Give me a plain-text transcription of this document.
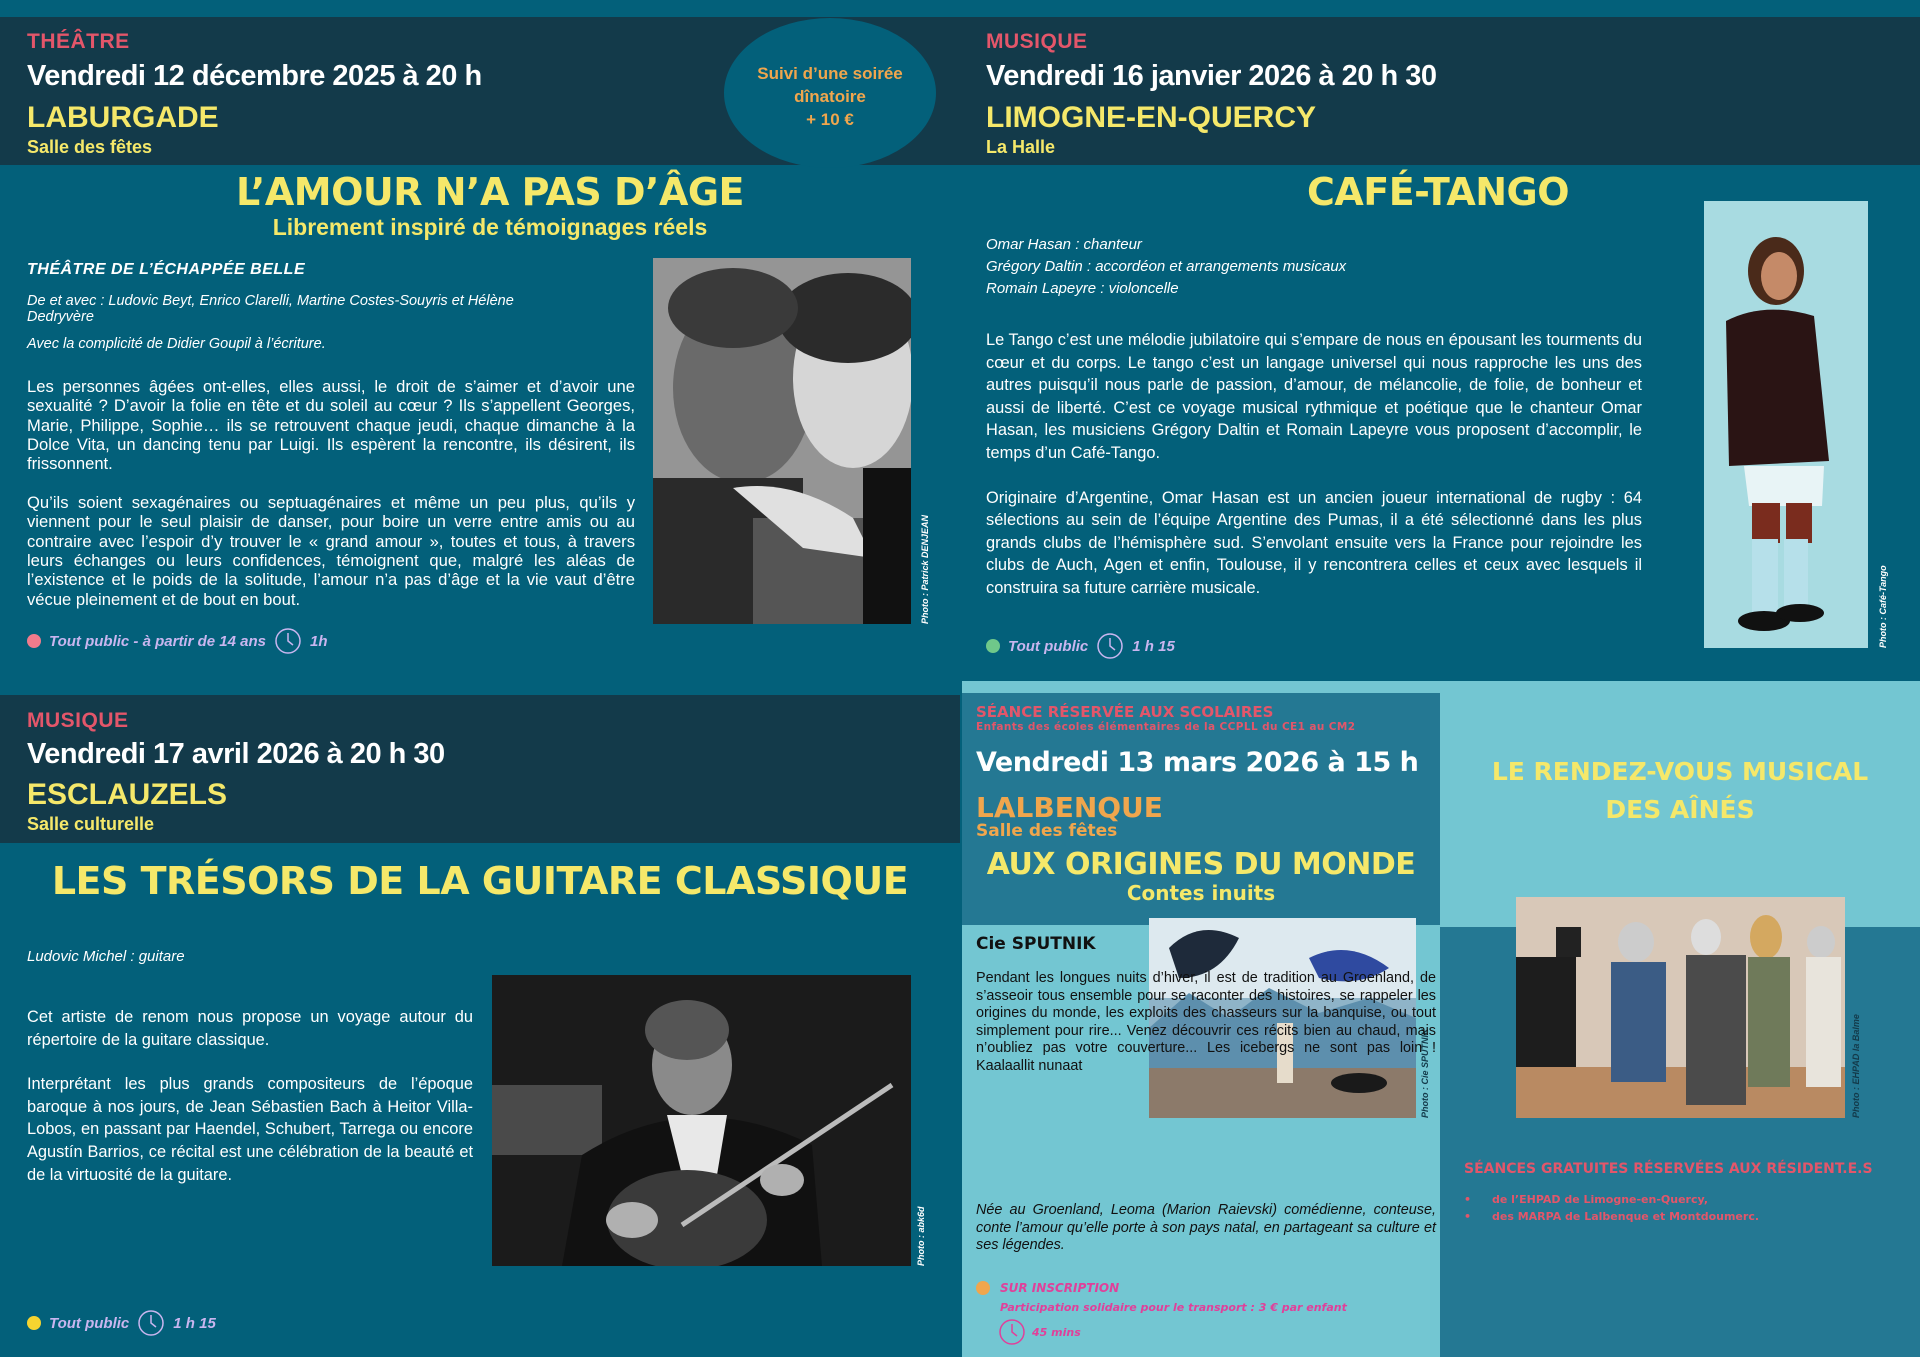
THÉÂTRE
Vendredi 12 décembre 2025 à 20 h
LABURGADE
Salle des fêtes
Suivi d’une soirée
dînatoire
+ 10 €
L’AMOUR N’A PAS D’ÂGE
Librement inspiré de témoignages réels
THÉÂTRE DE L’ÉCHAPPÉE BELLE
De et avec : Ludovic Beyt, Enrico Clarelli, Martine Costes-Souyris et Hélène Dedryvère
Avec la complicité de Didier Goupil à l’écriture.

Les personnes âgées ont-elles, elles aussi, le droit de s’aimer et d’avoir une sexualité ? D’avoir la folie en tête et du soleil au cœur ? Ils s’appellent Georges, Marie, Philippe, Sophie… ils se retrouvent chaque jeudi, chaque dimanche à la Dolce Vita, un dancing tenu par Luigi. Ils espèrent la rencontre, ils désirent, ils frissonnent.

Qu’ils soient sexagénaires ou septuagénaires et même un peu plus, qu’ils y viennent pour le seul plaisir de danser, pour boire un verre entre amis ou au contraire avec l’espoir d’y trouver le « grand amour », toutes et tous, à travers leurs échanges ou leurs confidences, témoignent que, malgré les aléas de l’existence et le poids de la solitude, l’amour n’a pas d’âge et la vie vaut d’être vécue pleinement et de bout en bout.	Photo : Patrick DENJEAN
Tout public - à partir de 14 ans	1h
MUSIQUE
Vendredi 16 janvier 2026 à 20 h 30
LIMOGNE-EN-QUERCY
La Halle
CAFÉ-TANGO

Omar Hasan : chanteur

Grégory Daltin : accordéon et arrangements musicaux

Romain Lapeyre : violoncelle

Le Tango c’est une mélodie jubilatoire qui s’empare de nous en épousant les tourments du cœur et du corps. Le tango c’est un langage universel qui nous rapproche les uns des autres puisqu’il nous parle de passion, d’amour, de mélancolie, de folie, de bonheur et aussi de liberté. C’est ce voyage musical rythmique et poétique que le chanteur Omar Hasan, les musiciens Grégory Daltin et Romain Lapeyre vous proposent d’accomplir, le temps d’un Café-Tango.

Originaire d’Argentine, Omar Hasan est un ancien joueur international de rugby : 64 sélections au sein de l’équipe Argentine des Pumas, il a été sélectionné dans les plus grands clubs de l’hémisphère sud. S’envolant ensuite vers la France pour rejoindre les clubs de Auch, Agen et enfin, Toulouse, il y rencontrera celles et ceux avec lesquels il construira sa future carrière musicale.	Photo : Café-Tango
Tout public	1 h 15
MUSIQUE
Vendredi 17 avril 2026 à 20 h 30
ESCLAUZELS
Salle culturelle
LES TRÉSORS DE LA GUITARE CLASSIQUE

Ludovic Michel : guitare

Cet artiste de renom nous propose un voyage autour du répertoire de la guitare classique.

Interprétant les plus grands compositeurs de l’époque baroque à nos jours, de Jean Sébastien Bach à Heitor Villa-Lobos, en passant par Haendel, Schubert, Tarrega ou encore Agustín Barrios, ce récital est une célébration de la beauté et de la virtuosité de la guitare.

Photo : abk6d
Tout public	1 h 15
SÉANCE RÉSERVÉE AUX SCOLAIRES
Enfants des écoles élémentaires de la CCPLL du CE1 au CM2
Vendredi 13 mars 2026 à 15 h
LALBENQUE
Salle des fêtes
AUX ORIGINES DU MONDE
Contes inuits
Cie SPUTNIK
Photo : Cie SPUTNIK
Pendant les longues nuits d’hiver, il est de tradition au Groenland, de s’asseoir tous ensemble pour se raconter des histoires, se rappeler les origines du monde, les exploits des chasseurs sur la banquise, ou tout simplement pour rire... Venez découvrir ces récits bien au chaud, mais n’oubliez pas votre couverture... Les icebergs ne sont pas loin ! Kaalaallit nunaat
Née au Groenland, Leoma (Marion Raievski) comédienne, conteuse, conte l’amour qu’elle porte à son pays natal, en partageant sa culture et ses légendes.
SUR INSCRIPTION
Participation solidaire pour le transport : 3 € par enfant
45 mins
LE RENDEZ-VOUS MUSICAL
DES AÎNÉS
Photo : EHPAD la Balme
SÉANCES GRATUITES RÉSERVÉES AUX RÉSIDENT.E.S
• de l’EHPAD de Limogne-en-Quercy,
• des MARPA de Lalbenque et Montdoumerc.
